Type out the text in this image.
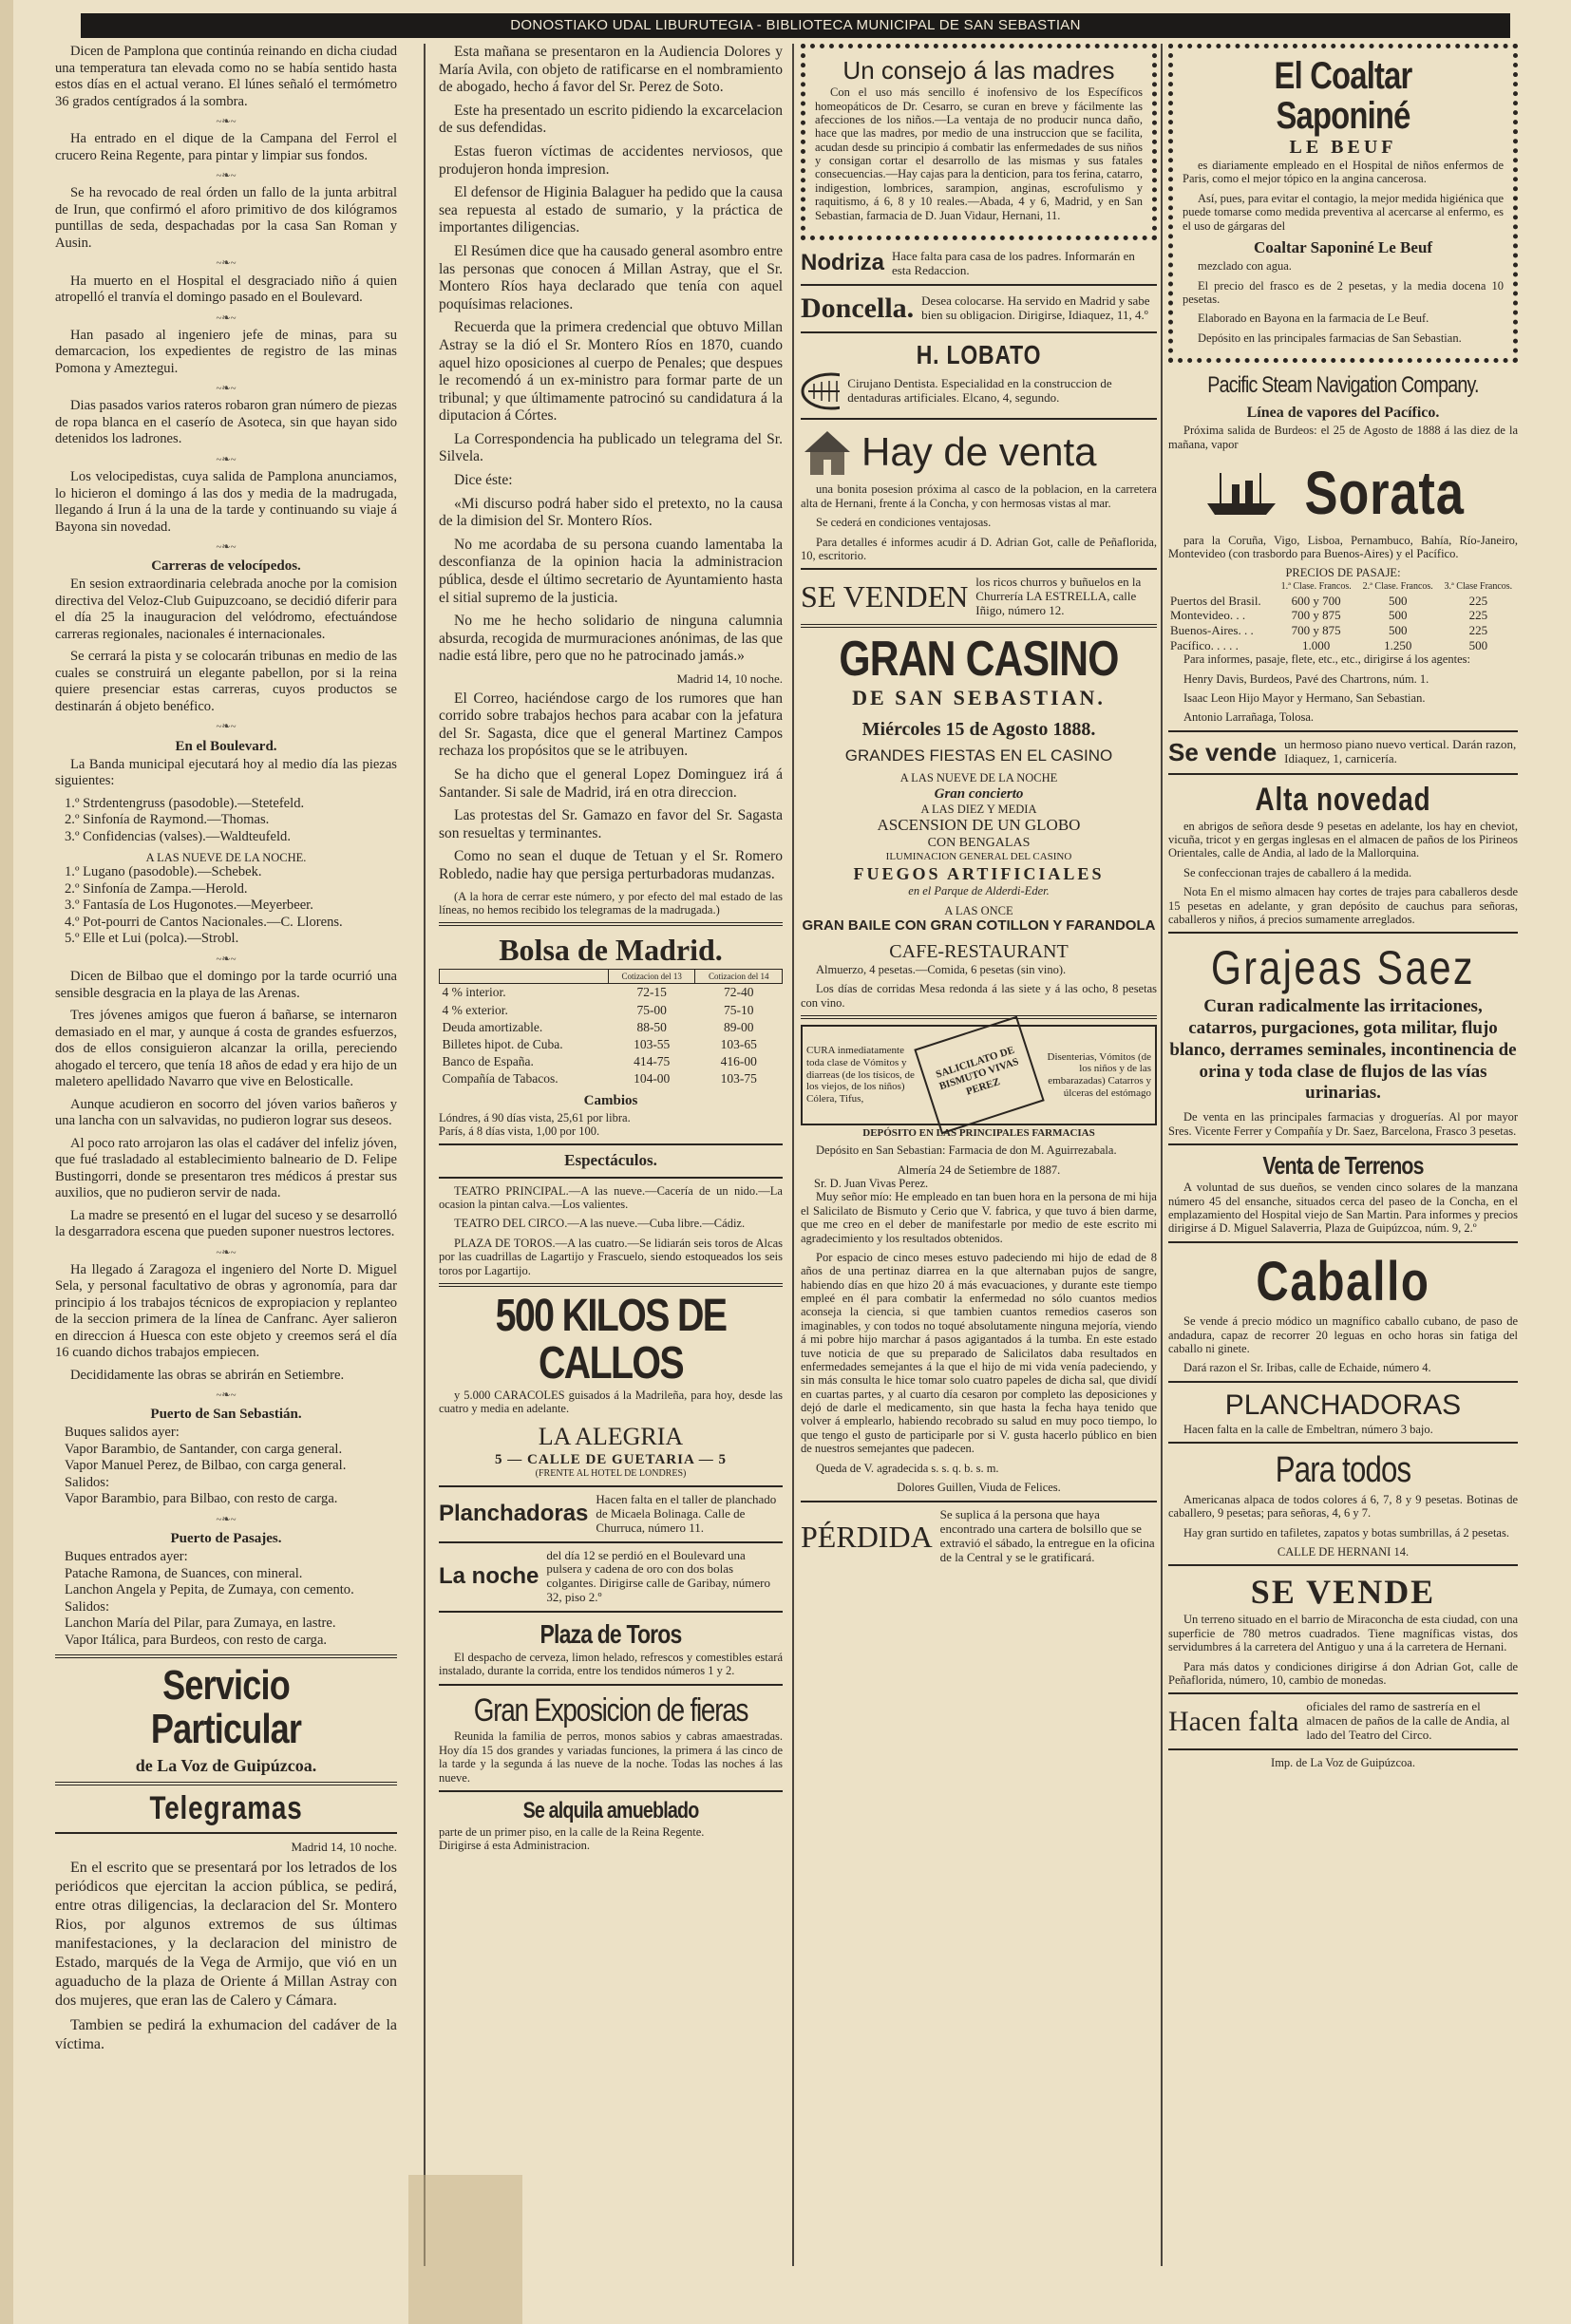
DONOSTIAKO UDAL LIBURUTEGIA - BIBLIOTECA MUNICIPAL DE SAN SEBASTIAN

Dicen de Pamplona que continúa reinando en dicha ciudad una temperatura tan elevada como no se había sentido hasta estos días en el actual verano. El lúnes señaló el termómetro 36 grados centígrados á la sombra.

~❧~

Ha entrado en el dique de la Campana del Ferrol el crucero Reina Regente, para pintar y limpiar sus fondos.

~❧~

Se ha revocado de real órden un fallo de la junta arbitral de Irun, que confirmó el aforo primitivo de dos kilógramos puntillas de seda, despachadas por la casa San Roman y Ausin.

~❧~

Ha muerto en el Hospital el desgraciado niño á quien atropelló el tranvía el domingo pasado en el Boulevard.

~❧~

Han pasado al ingeniero jefe de minas, para su demarcacion, los expedientes de registro de las minas Pomona y Ameztegui.

~❧~

Dias pasados varios rateros robaron gran número de piezas de ropa blanca en el caserío de Asoteca, sin que hayan sido detenidos los ladrones.

~❧~

Los velocipedistas, cuya salida de Pamplona anunciamos, lo hicieron el domingo á las dos y media de la madrugada, llegando á Irun á la una de la tarde y continuando su viaje á Bayona sin novedad.

~❧~
Carreras de velocípedos.

En sesion extraordinaria celebrada anoche por la comision directiva del Veloz-Club Guipuzcoano, se decidió diferir para el día 25 la inauguracion del velódromo, efectuándose carreras regionales, nacionales é internacionales.

Se cerrará la pista y se colocarán tribunas en medio de las cuales se construirá un elegante pabellon, por si la reina quiere presenciar estas carreras, cuyos productos se destinarán á objeto benéfico.

~❧~
En el Boulevard.

La Banda municipal ejecutará hoy al medio día las piezas siguientes:

1.º Strdentengruss (pasodoble).—Stetefeld.
2.º Sinfonía de Raymond.—Thomas.
3.º Confidencias (valses).—Waldteufeld.
A LAS NUEVE DE LA NOCHE.
1.º Lugano (pasodoble).—Schebek.
2.º Sinfonía de Zampa.—Herold.
3.º Fantasía de Los Hugonotes.—Meyerbeer.
4.º Pot-pourri de Cantos Nacionales.—C. Llorens.
5.º Elle et Lui (polca).—Strobl.
~❧~

Dicen de Bilbao que el domingo por la tarde ocurrió una sensible desgracia en la playa de las Arenas.

Tres jóvenes amigos que fueron á bañarse, se internaron demasiado en el mar, y aunque á costa de grandes esfuerzos, dos de ellos consiguieron alcanzar la orilla, pereciendo ahogado el tercero, que tenía 18 años de edad y era hijo de un maletero apellidado Navarro que vive en Belosticalle.

Aunque acudieron en socorro del jóven varios bañeros y una lancha con un salvavidas, no pudieron lograr sus deseos.

Al poco rato arrojaron las olas el cadáver del infeliz jóven, que fué trasladado al establecimiento balneario de D. Felipe Bustingorri, donde se presentaron tres médicos á prestar sus auxilios, que no pudieron servir de nada.

La madre se presentó en el lugar del suceso y se desarrolló la desgarradora escena que pueden suponer nuestros lectores.

~❧~

Ha llegado á Zaragoza el ingeniero del Norte D. Miguel Sela, y personal facultativo de obras y agronomía, para dar principio á los trabajos técnicos de expropiacion y replanteo de la seccion primera de la línea de Canfranc. Ayer salieron en direccion á Huesca con este objeto y creemos será el día 16 cuando dichos trabajos empiecen.

Decididamente las obras se abrirán en Setiembre.

~❧~
Puerto de San Sebastián.
Buques salidos ayer:
Vapor Barambio, de Santander, con carga general.
Vapor Manuel Perez, de Bilbao, con carga general.
Salidos:
Vapor Barambio, para Bilbao, con resto de carga.
~❧~
Puerto de Pasajes.
Buques entrados ayer:
Patache Ramona, de Suances, con mineral.
Lanchon Angela y Pepita, de Zumaya, con cemento.
Salidos:
Lanchon María del Pilar, para Zumaya, en lastre.
Vapor Itálica, para Burdeos, con resto de carga.
Servicio Particular
de La Voz de Guipúzcoa.
Telegramas
Madrid 14, 10 noche.

En el escrito que se presentará por los letrados de los periódicos que ejercitan la accion pública, se pedirá, entre otras diligencias, la declaracion del Sr. Montero Rios, por algunos extremos de sus últimas manifestaciones, y la declaracion del ministro de Estado, marqués de la Vega de Armijo, que vió en un aguaducho de la plaza de Oriente á Millan Astray con dos mujeres, que eran las de Calero y Cámara.

Tambien se pedirá la exhumacion del cadáver de la víctima.

Esta mañana se presentaron en la Audiencia Dolores y María Avila, con objeto de ratificarse en el nombramiento de abogado, hecho á favor del Sr. Perez de Soto.

Este ha presentado un escrito pidiendo la excarcelacion de sus defendidas.

Estas fueron víctimas de accidentes nerviosos, que produjeron honda impresion.

El defensor de Higinia Balaguer ha pedido que la causa sea repuesta al estado de sumario, y la práctica de importantes diligencias.

El Resúmen dice que ha causado general asombro entre las personas que conocen á Millan Astray, que el Sr. Montero Ríos haya declarado que tenía con aquel poquísimas relaciones.

Recuerda que la primera credencial que obtuvo Millan Astray se la dió el Sr. Montero Ríos en 1870, cuando aquel hizo oposiciones al cuerpo de Penales; que despues le recomendó á un ex-ministro para formar parte de un tribunal; y que últimamente patrocinó su candidatura á la diputacion á Córtes.

La Correspondencia ha publicado un telegrama del Sr. Silvela.

Dice éste:

«Mi discurso podrá haber sido el pretexto, no la causa de la dimision del Sr. Montero Ríos.

No me acordaba de su persona cuando lamentaba la desconfianza de la opinion hacia la administracion pública, desde el último secretario de Ayuntamiento hasta el sitial supremo de la justicia.

No me he hecho solidario de ninguna calumnia absurda, recogida de murmuraciones anónimas, de las que nadie está libre, pero que no he patrocinado jamás.»

Madrid 14, 10 noche.

El Correo, haciéndose cargo de los rumores que han corrido sobre trabajos hechos para acabar con la jefatura del Sr. Sagasta, dice que el general Martinez Campos rechaza los propósitos que se le atribuyen.

Se ha dicho que el general Lopez Dominguez irá á Santander. Si sale de Madrid, irá en otra direccion.

Las protestas del Sr. Gamazo en favor del Sr. Sagasta son resueltas y terminantes.

Como no sean el duque de Tetuan y el Sr. Romero Robledo, nadie hay que persiga perturbadoras mudanzas.

(A la hora de cerrar este número, y por efecto del mal estado de las líneas, no hemos recibido los telegramas de la madrugada.)

Bolsa de Madrid.
	Cotizacion del 13	Cotizacion del 14
4 % interior.	72-15	72-40
4 % exterior.	75-00	75-10
Deuda amortizable.	88-50	89-00
Billetes hipot. de Cuba.	103-55	103-65
Banco de España.	414-75	416-00
Compañía de Tabacos.	104-00	103-75
Cambios
Lóndres, á 90 días vista, 25,61 por libra.
París, á 8 días vista, 1,00 por 100.
Espectáculos.

TEATRO PRINCIPAL.—A las nueve.—Cacería de un nido.—La ocasion la pintan calva.—Los valientes.

TEATRO DEL CIRCO.—A las nueve.—Cuba libre.—Cádiz.

PLAZA DE TOROS.—A las cuatro.—Se lidiarán seis toros de Alcas por las cuadrillas de Lagartijo y Frascuelo, siendo estoqueados los seis toros por Lagartijo.

500 KILOS DE CALLOS

y 5.000 CARACOLES guisados á la Madrileña, para hoy, desde las cuatro y media en adelante.

LA ALEGRIA
5 — CALLE DE GUETARIA — 5
(FRENTE AL HOTEL DE LONDRES)
Planchadoras
Hacen falta en el taller de planchado de Micaela Bolinaga. Calle de Churruca, número 11.
La noche
del día 12 se perdió en el Boulevard una pulsera y cadena de oro con dos bolas colgantes. Dirigirse calle de Garibay, número 32, piso 2.º
Plaza de Toros

El despacho de cerveza, limon helado, refrescos y comestibles estará instalado, durante la corrida, entre los tendidos números 1 y 2.

Gran Exposicion de fieras

Reunida la familia de perros, monos sabios y cabras amaestradas. Hoy día 15 dos grandes y variadas funciones, la primera á las cinco de la tarde y la segunda á las nueve de la noche. Todas las noches á las nueve.

Se alquila amueblado
parte de un primer piso, en la calle de la Reina Regente.
Dirigirse á esta Administracion.
Un consejo á las madres

Con el uso más sencillo é inofensivo de los Específicos homeopáticos de Dr. Cesarro, se curan en breve y fácilmente las afecciones de los niños.—La ventaja de no producir nunca daño, hace que las madres, por medio de una instruccion que se facilita, acudan desde su principio á combatir las enfermedades de sus niños y consigan cortar el desarrollo de las mismas y sus fatales consecuencias.—Hay cajas para la denticion, para tos ferina, catarro, indigestion, lombrices, sarampion, anginas, escrofulismo y raquitismo, á 6, 8 y 10 reales.—Abada, 4 y 6, Madrid, y en San Sebastian, farmacia de D. Juan Vidaur, Hernani, 11.

Nodriza Hace falta para casa de los padres. Informarán en esta Redaccion.
Doncella. Desea colocarse. Ha servido en Madrid y sabe bien su obligacion. Dirigirse, Idiaquez, 11, 4.º
H. LOBATO
Cirujano Dentista. Especialidad en la construccion de dentaduras artificiales. Elcano, 4, segundo.
Hay de venta

una bonita posesion próxima al casco de la poblacion, en la carretera alta de Hernani, frente á la Concha, y con hermosas vistas al mar.

Se cederá en condiciones ventajosas.

Para detalles é informes acudir á D. Adrian Got, calle de Peñaflorida, 10, escritorio.

SE VENDEN los ricos churros y buñuelos en la Churrería LA ESTRELLA, calle Iñigo, número 12.
GRAN CASINO
DE SAN SEBASTIAN.
Miércoles 15 de Agosto 1888.
GRANDES FIESTAS EN EL CASINO
A LAS NUEVE DE LA NOCHE
Gran concierto
A LAS DIEZ Y MEDIA
ASCENSION DE UN GLOBO
CON BENGALAS
ILUMINACION GENERAL DEL CASINO
FUEGOS ARTIFICIALES
en el Parque de Alderdi-Eder.
A LAS ONCE
GRAN BAILE CON GRAN COTILLON Y FARANDOLA
CAFE-RESTAURANT

Almuerzo, 4 pesetas.—Comida, 6 pesetas (sin vino).

Los días de corridas Mesa redonda á las siete y á las ocho, 8 pesetas con vino.

CURA inmediatamente toda clase de Vómitos y diarreas (de los tísicos, de los viejos, de los niños) Cólera, Tifus,
SALICILATO DE BISMUTO VIVAS PEREZ
Disenterias, Vómitos (de los niños y de las embarazadas) Catarros y úlceras del estómago
DEPÓSITO EN LAS PRINCIPALES FARMACIAS

Depósito en San Sebastian: Farmacia de don M. Aguirrezabala.

Almería 24 de Setiembre de 1887.
Sr. D. Juan Vivas Perez.

Muy señor mío: He empleado en tan buen hora en la persona de mi hija el Salicilato de Bismuto y Cerio que V. fabrica, y que tuvo á bien darme, que me creo en el deber de manifestarle por medio de este escrito mi agradecimiento y los resultados obtenidos.

Por espacio de cinco meses estuvo padeciendo mi hijo de edad de 8 años de una pertinaz diarrea en la que alternaban pujos de sangre, habiendo días en que hizo 20 á más evacuaciones, y durante este tiempo empleé en él para combatir la enfermedad no sólo cuantos medios aconseja la ciencia, si que tambien cuantos remedios caseros son imaginables, y con todos no toqué absolutamente ninguna mejoría, viendo á mi pobre hijo marchar á pasos agigantados á la tumba. En este estado tuve noticia de que su preparado de Salicilatos daba resultados en enfermedades semejantes á la que el hijo de mi vida venía padeciendo, y sin más consulta le hice tomar solo cuatro papeles de dicha sal, que dividí en cuartas partes, y al cuarto día cesaron por completo las deposiciones y dejó de darle el medicamento, sin que hasta la fecha haya tenido que volver á emplearlo, habiendo recobrado su salud en muy poco tiempo, lo que tengo el gusto de participarle por si V. gusta hacerlo público en bien de nuestros semejantes que padecen.

Queda de V. agradecida s. s. q. b. s. m.

Dolores Guillen, Viuda de Felices.
PÉRDIDA
Se suplica á la persona que haya encontrado una cartera de bolsillo que se extravió el sábado, la entregue en la oficina de la Central y se le gratificará.
El Coaltar Saponiné
LE BEUF

es diariamente empleado en el Hospital de niños enfermos de Paris, como el mejor tópico en la angina cancerosa.

Así, pues, para evitar el contagio, la mejor medida higiénica que puede tomarse como medida preventiva al acercarse al enfermo, es el uso de gárgaras del

Coaltar Saponiné Le Beuf

mezclado con agua.

El precio del frasco es de 2 pesetas, y la media docena 10 pesetas.

Elaborado en Bayona en la farmacia de Le Beuf.

Depósito en las principales farmacias de San Sebastian.

Pacific Steam Navigation Company.
Línea de vapores del Pacífico.

Próxima salida de Burdeos: el 25 de Agosto de 1888 á las diez de la mañana, vapor

Sorata

para la Coruña, Vigo, Lisboa, Pernambuco, Bahía, Río-Janeiro, Montevideo (con trasbordo para Buenos-Aires) y el Pacífico.

PRECIOS DE PASAJE:
	1.ª Clase. Francos.	2.ª Clase. Francos.	3.ª Clase Francos.
Puertos del Brasil.	600 y 700	500	225
Montevideo. . .	700 y 875	500	225
Buenos-Aires. . .	700 y 875	500	225
Pacífico. . . . .	1.000	1.250	500

Para informes, pasaje, flete, etc., etc., dirigirse á los agentes:

Henry Davis, Burdeos, Pavé des Chartrons, núm. 1.

Isaac Leon Hijo Mayor y Hermano, San Sebastian.

Antonio Larrañaga, Tolosa.

Se vende un hermoso piano nuevo vertical. Darán razon, Idiaquez, 1, carnicería.
Alta novedad

en abrigos de señora desde 9 pesetas en adelante, los hay en cheviot, vicuña, tricot y en gergas inglesas en el almacen de paños de los Pirineos Orientales, calle de Andia, al lado de la Mallorquina.

Se confeccionan trajes de caballero á la medida.

Nota En el mismo almacen hay cortes de trajes para caballeros desde 15 pesetas en adelante, y gran depósito de cauchus para señoras, caballeros y niños, á precios sumamente arreglados.

Grajeas Saez
Curan radicalmente las irritaciones, catarros, purgaciones, gota militar, flujo blanco, derrames seminales, incontinencia de orina y toda clase de flujos de las vías urinarias.

De venta en las principales farmacias y droguerías. Al por mayor Sres. Vicente Ferrer y Compañía y Dr. Saez, Barcelona, Frasco 3 pesetas.

Venta de Terrenos

A voluntad de sus dueños, se venden cinco solares de la manzana número 45 del ensanche, situados cerca del paseo de la Concha, en el emplazamiento del Hospital viejo de San Martin. Para informes y precios dirigirse á D. Miguel Salaverria, Plaza de Guipúzcoa, núm. 9, 2.º

Caballo

Se vende á precio módico un magnífico caballo cubano, de paso de andadura, capaz de recorrer 20 leguas en ocho horas sin fatiga del caballo ni ginete.

Dará razon el Sr. Iribas, calle de Echaide, número 4.

PLANCHADORAS

Hacen falta en la calle de Embeltran, número 3 bajo.

Para todos

Americanas alpaca de todos colores á 6, 7, 8 y 9 pesetas. Botinas de caballero, 9 pesetas; para señoras, 4, 6 y 7.

Hay gran surtido en tafiletes, zapatos y botas sumbrillas, á 2 pesetas.

CALLE DE HERNANI 14.
SE VENDE

Un terreno situado en el barrio de Miraconcha de esta ciudad, con una superficie de 780 metros cuadrados. Tiene magníficas vistas, dos servidumbres á la carretera del Antiguo y una á la carretera de Hernani.

Para más datos y condiciones dirigirse á don Adrian Got, calle de Peñaflorida, número, 10, cambio de monedas.

Hacen falta oficiales del ramo de sastrería en el almacen de paños de la calle de Andia, al lado del Teatro del Circo.
Imp. de La Voz de Guipúzcoa.
